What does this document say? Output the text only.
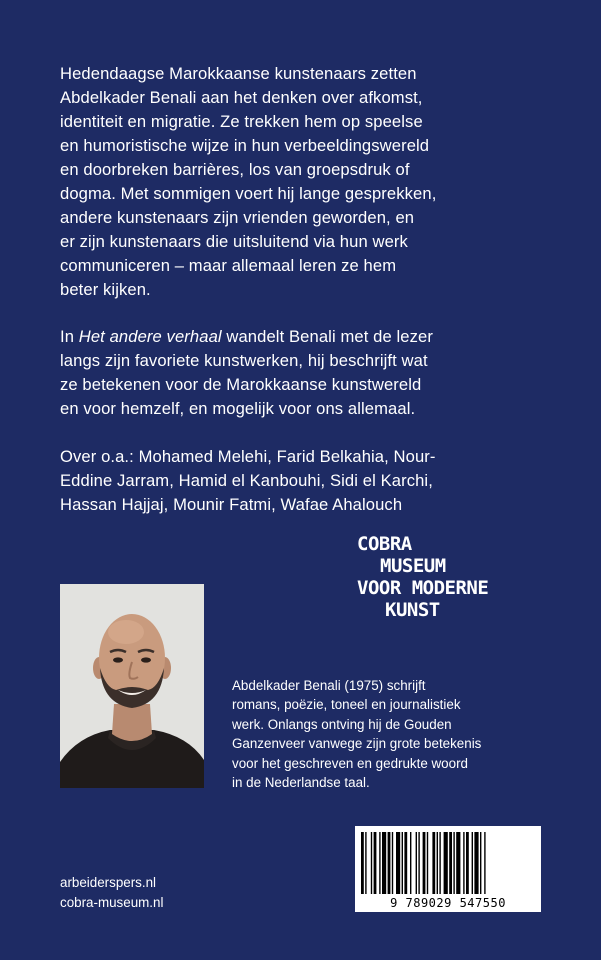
Hedendaagse Marokkaanse kunstenaars zetten

Abdelkader Benali aan het denken over afkomst,

identiteit en migratie. Ze trekken hem op speelse

en humoristische wijze in hun verbeeldingswereld

en doorbreken barrières, los van groepsdruk of

dogma. Met sommigen voert hij lange gesprekken,

andere kunstenaars zijn vrienden geworden, en

er zijn kunstenaars die uitsluitend via hun werk

communiceren – maar allemaal leren ze hem

beter kijken.

In Het andere verhaal wandelt Benali met de lezer

langs zijn favoriete kunstwerken, hij beschrijft wat

ze betekenen voor de Marokkaanse kunstwereld

en voor hemzelf, en mogelijk voor ons allemaal.

Over o.a.: Mohamed Melehi, Farid Belkahia, Nour-

Eddine Jarram, Hamid el Kanbouhi, Sidi el Karchi,

Hassan Hajjaj, Mounir Fatmi, Wafae Ahalouch

COBRA
MUSEUM
VOOR MODERNE
KUNST
Abdelkader Benali (1975) schrijft
romans, poëzie, toneel en journalistiek
werk. Onlangs ontving hij de Gouden
Ganzenveer vanwege zijn grote betekenis
voor het geschreven en gedrukte woord
in de Nederlandse taal.
9 789029 547550
arbeiderspers.nl
cobra-museum.nl
